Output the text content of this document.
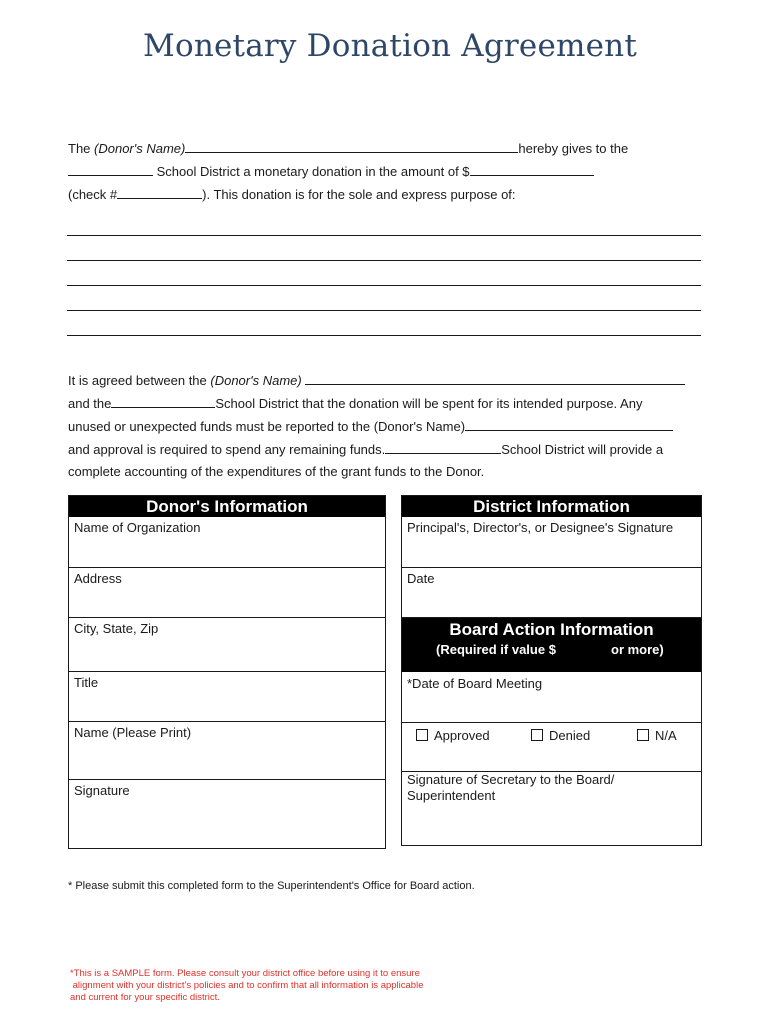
Monetary Donation Agreement
The (Donor's Name)	hereby gives to the
School District a monetary donation in the amount of $
(check #	). This donation is for the sole and express purpose of:
It is agreed between the (Donor's Name)
and the	School District that the donation will be spent for its intended purpose. Any
unused or unexpected funds must be reported to the (Donor's Name)
and approval is required to spend any remaining funds.	School District will provide a
complete accounting of the expenditures of the grant funds to the Donor.
Donor's Information
Name of Organization
Address
City, State, Zip
Title
Name (Please Print)
Signature
District Information
Principal's, Director's, or Designee's Signature
Date
Board Action Information
(Required if value $	or more)
*Date of Board Meeting
Approved	Denied	N/A
Signature of Secretary to the Board/
Superintendent
* Please submit this completed form to the Superintendent's Office for Board action.
*This is a SAMPLE form. Please consult your district office before using it to ensure
alignment with your district's policies and to confirm that all information is applicable
and current for your specific district.
